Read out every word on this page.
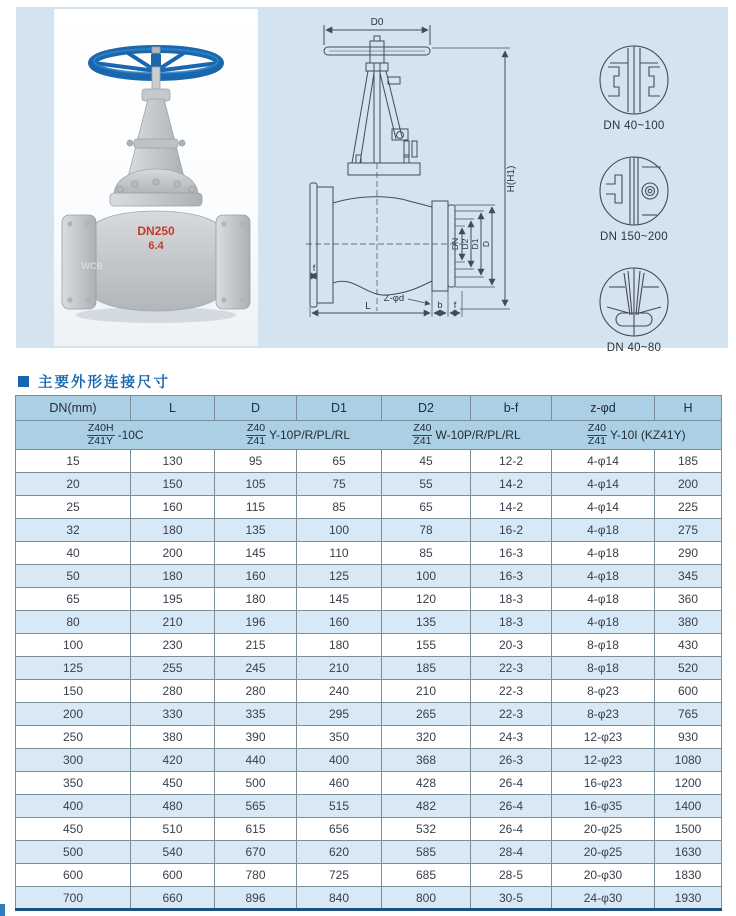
DN250
6.4
WCB
D0
H(H1)
DN D2 D1 D
L	b f
f
Z-φd
DN 40~100
DN 150~200
DN 40~80
主要外形连接尺寸
DN(mm)	L	D	D1	D2	b-f	z-φd	H

$\frac{Z40H}{Z41Y} -10C$		$\frac{Z40}{Z41} Y-10P/R/PL/RL$		$\frac{Z40}{Z41} W-10P/R/PL/RL$		$\frac{Z40}{Z41} Y-10I$ (KZ41Y)	
15	130	95	65	45	12-2	4-φ14	185
20	150	105	75	55	14-2	4-φ14	200
25	160	115	85	65	14-2	4-φ14	225
32	180	135	100	78	16-2	4-φ18	275
40	200	145	110	85	16-3	4-φ18	290
50	180	160	125	100	16-3	4-φ18	345
65	195	180	145	120	18-3	4-φ18	360
80	210	196	160	135	18-3	4-φ18	380
100	230	215	180	155	20-3	8-φ18	430
125	255	245	210	185	22-3	8-φ18	520
150	280	280	240	210	22-3	8-φ23	600
200	330	335	295	265	22-3	8-φ23	765
250	380	390	350	320	24-3	12-φ23	930
300	420	440	400	368	26-3	12-φ23	1080
350	450	500	460	428	26-4	16-φ23	1200
400	480	565	515	482	26-4	16-φ35	1400
450	510	615	656	532	26-4	20-φ25	1500
500	540	670	620	585	28-4	20-φ25	1630
600	600	780	725	685	28-5	20-φ30	1830
700	660	896	840	800	30-5	24-φ30	1930
